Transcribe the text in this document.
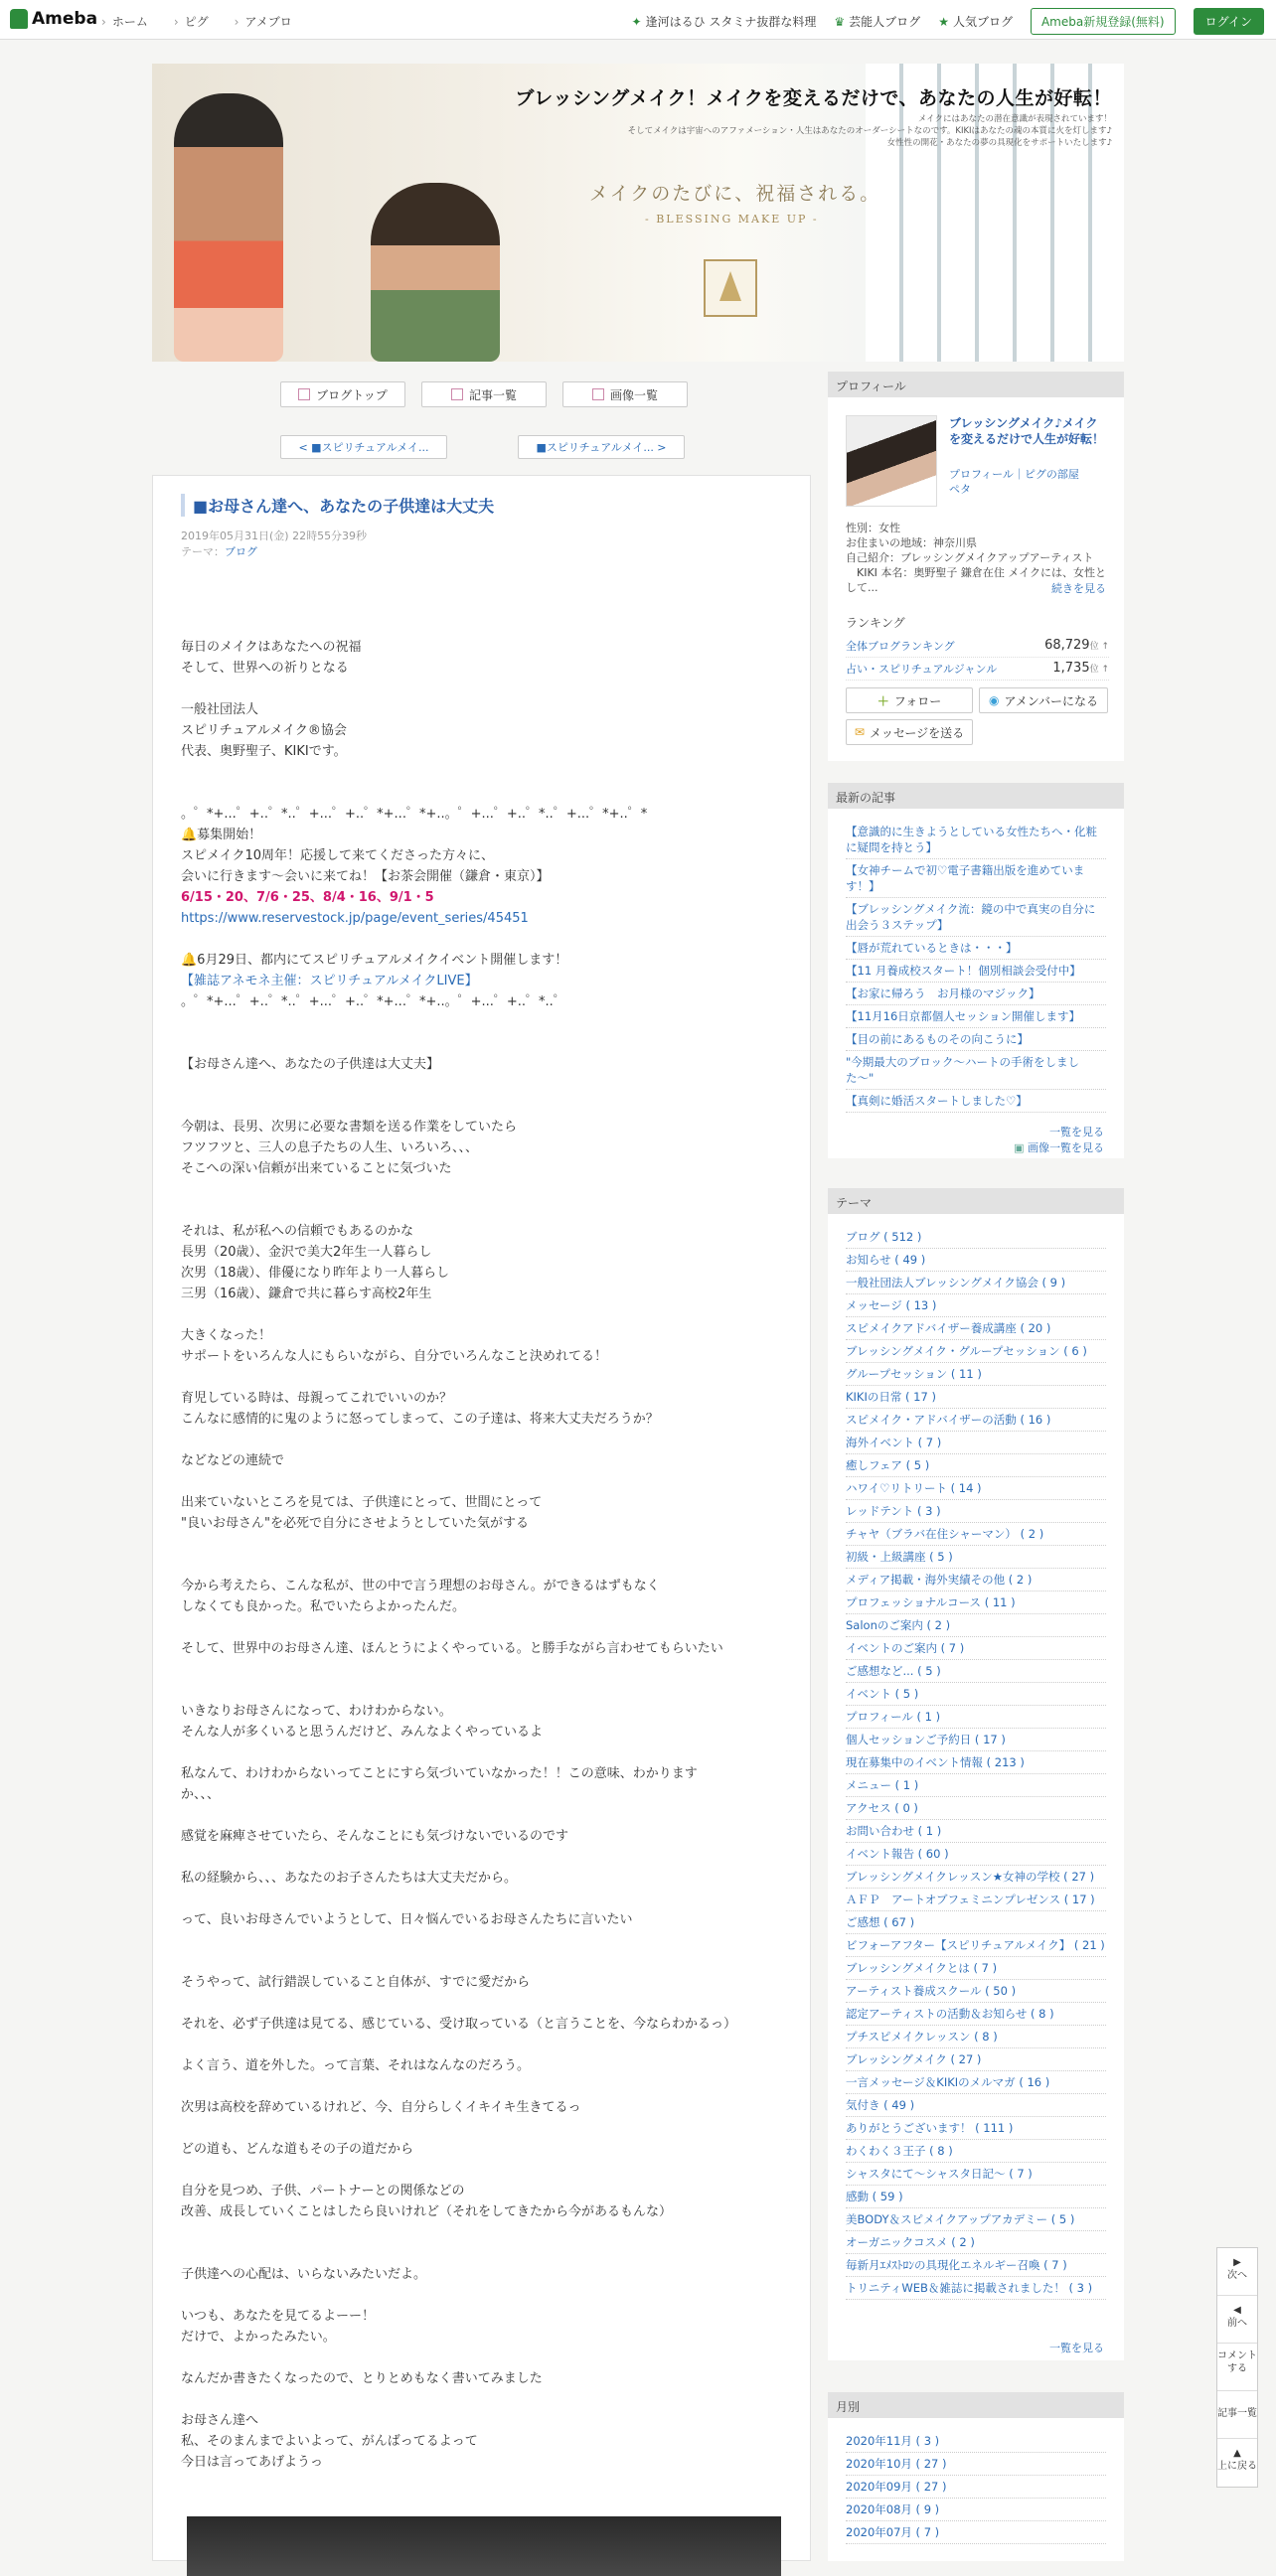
Ameba	› ホーム	› ピグ	› アメブロ	✦ 逢河はるひ スタミナ抜群な料理 ♛ 芸能人ブログ ★ 人気ブログ	Ameba新規登録(無料)	ログイン
ブレッシングメイク！メイクを変えるだけで、あなたの人生が好転！
メイクにはあなたの潜在意識が表現されています！
そしてメイクは宇宙へのアファメーション・人生はあなたのオーダーシートなのです。KIKIはあなたの魂の本質に火を灯します♪
女性性の開花・あなたの夢の具現化をサポートいたします♪
メイクのたびに、祝福される。
- BLESSING MAKE UP -
ブログトップ	記事一覧	画像一覧
< ■スピリチュアルメイ...	■スピリチュアルメイ... >
■お母さん達へ、あなたの子供達は大丈夫
2019年05月31日(金) 22時55分39秒
テーマ：ブログ
毎日のメイクはあなたへの祝福
そして、世界への祈りとなる

一般社団法人
スピリチュアルメイク®協会
代表、奥野聖子、KIKIです。

。゜*+...゜+..゜*..゜+...゜+..゜*+...゜*+..。゜+...゜+..゜*..゜+...゜*+..゜*
🔔募集開始！
スピメイク10周年！応援して来てくださった方々に、
会いに行きます〜会いに来てね！【お茶会開催（鎌倉・東京）】
6/15・20、7/6・25、8/4・16、9/1・5
https://www.reservestock.jp/page/event_series/45451

🔔6月29日、都内にてスピリチュアルメイクイベント開催します！
【雑誌アネモネ主催：スピリチュアルメイクLIVE】
。゜*+...゜+..゜*..゜+...゜+..゜*+...゜*+..。゜+...゜+..゜*..゜

【お母さん達へ、あなたの子供達は大丈夫】

今朝は、長男、次男に必要な書類を送る作業をしていたら
フツフツと、三人の息子たちの人生、いろいろ、、、
そこへの深い信頼が出来ていることに気づいた

それは、私が私への信頼でもあるのかな
長男（20歳）、金沢で美大2年生一人暮らし
次男（18歳）、俳優になり昨年より一人暮らし
三男（16歳）、鎌倉で共に暮らす高校2年生

大きくなった！
サポートをいろんな人にもらいながら、自分でいろんなこと決めれてる！

育児している時は、母親ってこれでいいのか？
こんなに感情的に鬼のように怒ってしまって、この子達は、将来大丈夫だろうか？

などなどの連続で

出来ていないところを見ては、子供達にとって、世間にとって
"良いお母さん"を必死で自分にさせようとしていた気がする

今から考えたら、こんな私が、世の中で言う理想のお母さん。ができるはずもなく
しなくても良かった。私でいたらよかったんだ。

そして、世界中のお母さん達、ほんとうによくやっている。と勝手ながら言わせてもらいたい

いきなりお母さんになって、わけわからない。
そんな人が多くいると思うんだけど、みんなよくやっているよ

私なんて、わけわからないってことにすら気づいていなかった！！この意味、わかります
か、、、

感覚を麻痺させていたら、そんなことにも気づけないでいるのです

私の経験から、、、あなたのお子さんたちは大丈夫だから。

って、良いお母さんでいようとして、日々悩んでいるお母さんたちに言いたい

そうやって、試行錯誤していること自体が、すでに愛だから

それを、必ず子供達は見てる、感じている、受け取っている（と言うことを、今ならわかるっ）

よく言う、道を外した。って言葉、それはなんなのだろう。

次男は高校を辞めているけれど、今、自分らしくイキイキ生きてるっ

どの道も、どんな道もその子の道だから

自分を見つめ、子供、パートナーとの関係などの
改善、成長していくことはしたら良いけれど（それをしてきたから今があるもんな）

子供達への心配は、いらないみたいだよ。

いつも、あなたを見てるよーー！
だけで、よかったみたい。

なんだか書きたくなったので、とりとめもなく書いてみました

お母さん達へ
私、そのまんまでよいよって、がんばってるよって
今日は言ってあげようっ
プロフィール
ブレッシングメイク♪メイクを変えるだけで人生が好転！
プロフィール｜ピグの部屋
ペタ
性別：女性
お住まいの地域：神奈川県
自己紹介：ブレッシングメイクアップアーティスト
　KIKI 本名：奥野聖子 鎌倉在住 メイクには、女性と
して...	続きを見る
ランキング
全体ブログランキング	68,729位 ↑
占い・スピリチュアルジャンル	1,735位 ↑
＋ フォロー	◉ アメンバーになる
✉ メッセージを送る
最新の記事
【意識的に生きようとしている女性たちへ・化粧に疑問を持とう】
【女神チームで初♡電子書籍出版を進めています！】
【ブレッシングメイク流：鏡の中で真実の自分に出会う３ステップ】
【唇が荒れているときは・・・】
【11 月養成校スタート！個別相談会受付中】
【お家に帰ろう　お月様のマジック】
【11月16日京都個人セッション開催します】
【目の前にあるものその向こうに】
"今期最大のブロック〜ハートの手術をしました〜"
【真剣に婚活スタートしました♡】
一覧を見る
▣ 画像一覧を見る
テーマ
ブログ ( 512 )
お知らせ ( 49 )
一般社団法人ブレッシングメイク協会 ( 9 )
メッセージ ( 13 )
スピメイクアドバイザー養成講座 ( 20 )
ブレッシングメイク・グループセッション ( 6 )
グループセッション ( 11 )
KIKIの日常 ( 17 )
スピメイク・アドバイザーの活動 ( 16 )
海外イベント ( 7 )
癒しフェア ( 5 )
ハワイ♡リトリート ( 14 )
レッドテント ( 3 )
チャヤ（ブラバ在住シャーマン） ( 2 )
初級・上級講座 ( 5 )
メディア掲載・海外実績その他 ( 2 )
プロフェッショナルコース ( 11 )
Salonのご案内 ( 2 )
イベントのご案内 ( 7 )
ご感想など... ( 5 )
イベント ( 5 )
プロフィール ( 1 )
個人セッションご予約日 ( 17 )
現在募集中のイベント情報 ( 213 )
メニュー ( 1 )
アクセス ( 0 )
お問い合わせ ( 1 )
イベント報告 ( 60 )
ブレッシングメイクレッスン★女神の学校 ( 27 )
ＡＦＰ　アートオブフェミニンプレゼンス ( 17 )
ご感想 ( 67 )
ビフォーアフター【スピリチュアルメイク】 ( 21 )
ブレッシングメイクとは ( 7 )
アーティスト養成スクール ( 50 )
認定アーティストの活動＆お知らせ ( 8 )
プチスピメイクレッスン ( 8 )
ブレッシングメイク ( 27 )
一言メッセージ＆KIKIのメルマガ ( 16 )
気付き ( 49 )
ありがとうございます！ ( 111 )
わくわく３王子 ( 8 )
シャスタにて〜シャスタ日記〜 ( 7 )
感動 ( 59 )
美BODY＆スピメイクアップアカデミー ( 5 )
オーガニックコスメ ( 2 )
毎新月ｴﾒｽﾄﾛﾝの具現化エネルギー召喚 ( 7 )
トリニティWEB＆雑誌に掲載されました！ ( 3 )
一覧を見る
月別
2020年11月 ( 3 )
2020年10月 ( 27 )
2020年09月 ( 27 )
2020年08月 ( 9 )
2020年07月 ( 7 )
▶
次へ
◀
前へ
コメントする
記事一覧
▲
上に戻る
